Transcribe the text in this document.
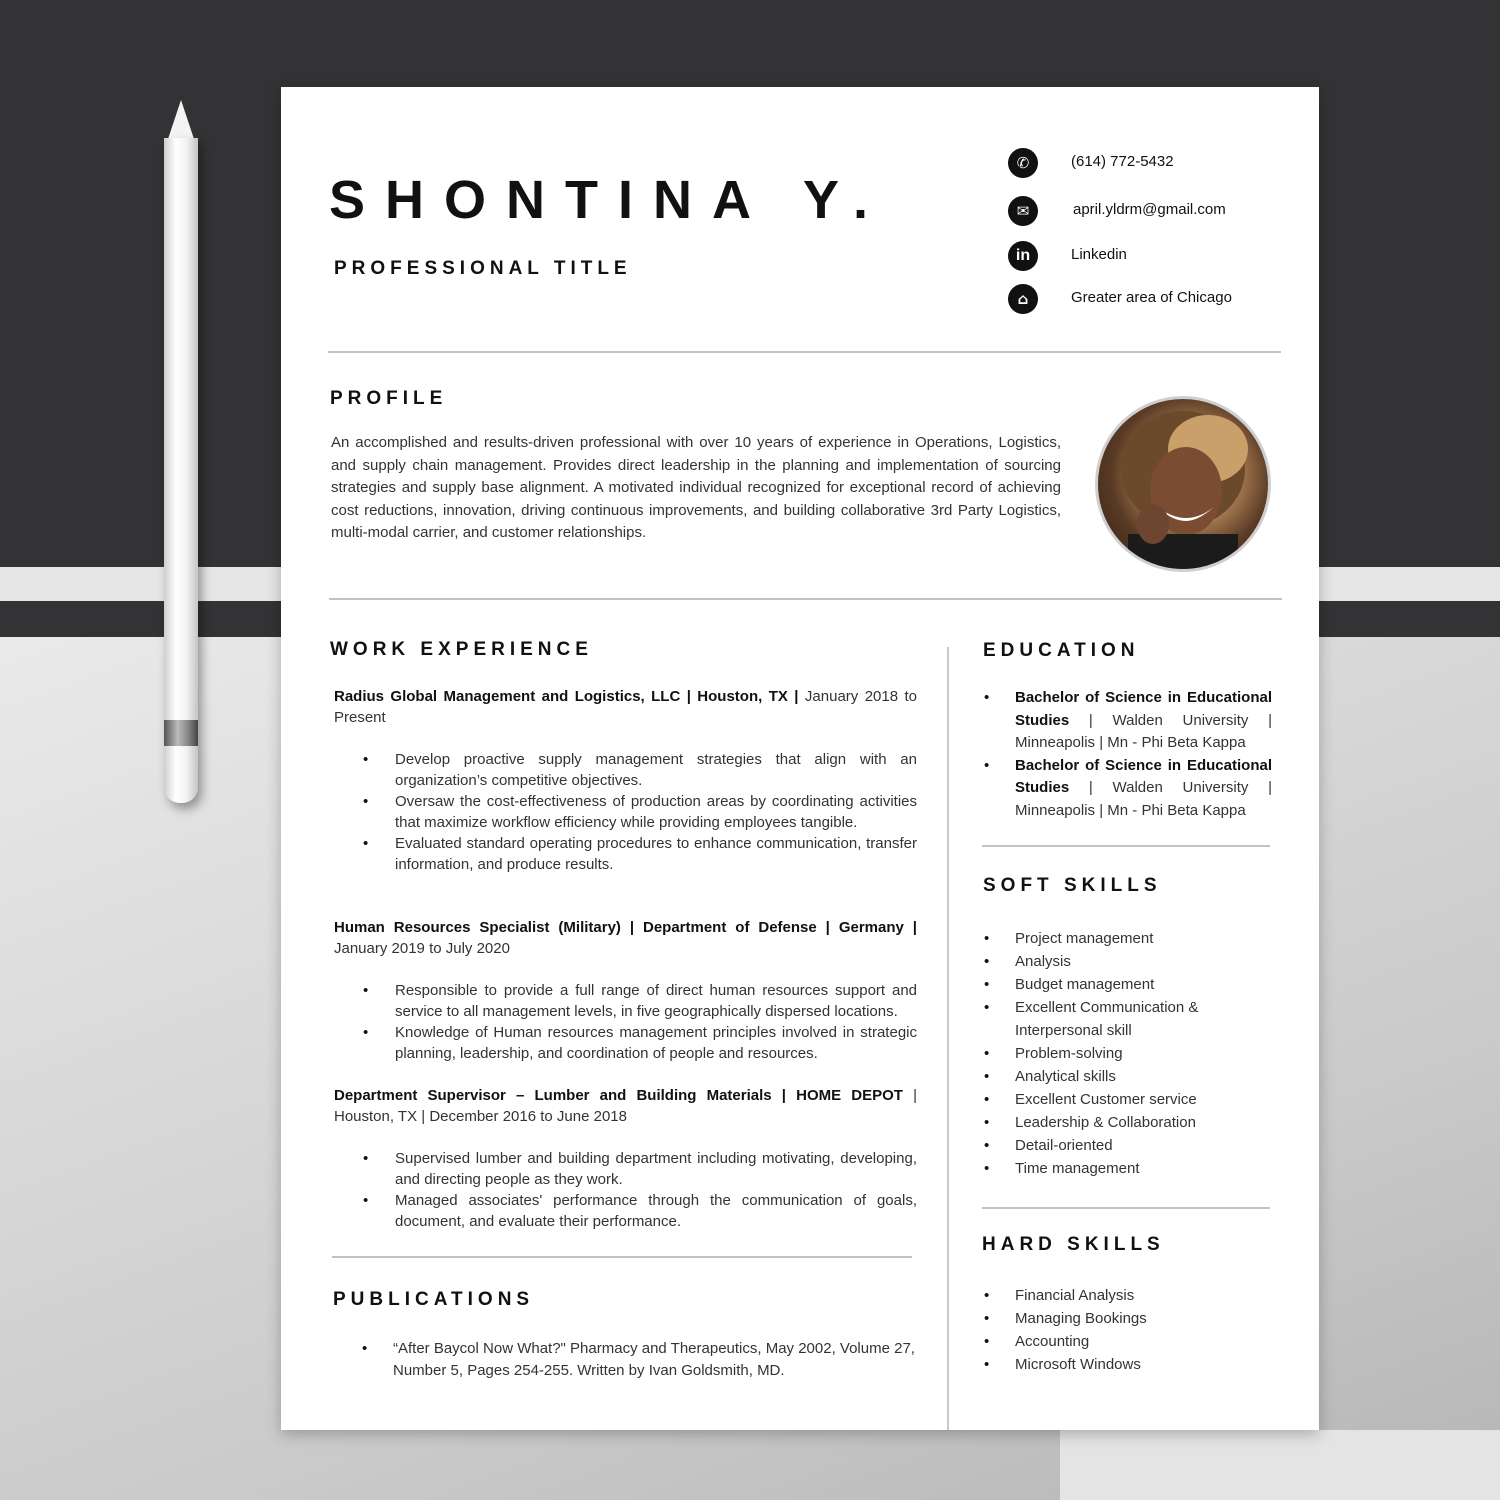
SHONTINA Y.
PROFESSIONAL TITLE
✆	(614) 772-5432
✉	april.yldrm@gmail.com
in	Linkedin
⌂	Greater area of Chicago
PROFILE
An accomplished and results-driven professional with over 10 years of experience in Operations, Logistics, and supply chain management. Provides direct leadership in the planning and implementation of sourcing strategies and supply base alignment. A motivated individual recognized for exceptional record of achieving cost reductions, innovation, driving continuous improvements, and building collaborative 3rd Party Logistics, multi-modal carrier, and customer relationships.
WORK EXPERIENCE
Radius Global Management and Logistics, LLC | Houston, TX | January 2018 to Present
• Develop proactive supply management strategies that align with an organization’s competitive objectives.
• Oversaw the cost-effectiveness of production areas by coordinating activities that maximize workflow efficiency while providing employees tangible.
• Evaluated standard operating procedures to enhance communication, transfer information, and produce results.
Human Resources Specialist (Military) | Department of Defense | Germany | January 2019 to July 2020
• Responsible to provide a full range of direct human resources support and service to all management levels, in five geographically dispersed locations.
• Knowledge of Human resources management principles involved in strategic planning, leadership, and coordination of people and resources.
Department Supervisor – Lumber and Building Materials | HOME DEPOT | Houston, TX | December 2016 to June 2018
• Supervised lumber and building department including motivating, developing, and directing people as they work.
• Managed associates' performance through the communication of goals, document, and evaluate their performance.
PUBLICATIONS
• “After Baycol Now What?" Pharmacy and Therapeutics, May 2002, Volume 27, Number 5, Pages 254-255. Written by Ivan Goldsmith, MD.
EDUCATION
• Bachelor of Science in Educational Studies | Walden University | Minneapolis | Mn - Phi Beta Kappa
• Bachelor of Science in Educational Studies | Walden University | Minneapolis | Mn - Phi Beta Kappa
SOFT SKILLS
• Project management
• Analysis
• Budget management
• Excellent Communication & Interpersonal skill
• Problem-solving
• Analytical skills
• Excellent Customer service
• Leadership & Collaboration
• Detail-oriented
• Time management
HARD SKILLS
• Financial Analysis
• Managing Bookings
• Accounting
• Microsoft Windows
